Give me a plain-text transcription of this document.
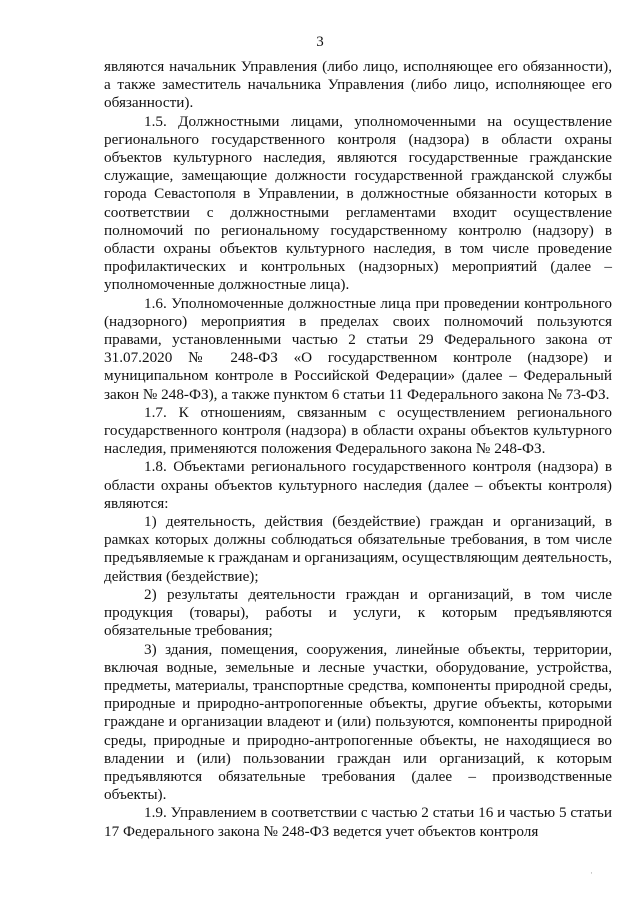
3

являются начальник Управления (либо лицо, исполняющее его обязанности), а также заместитель начальника Управления (либо лицо, исполняющее его обязанности).

1.5. Должностными лицами, уполномоченными на осуществление регионального государственного контроля (надзора) в области охраны объектов культурного наследия, являются государственные гражданские служащие, замещающие должности государственной гражданской службы города Севастополя в Управлении, в должностные обязанности которых в соответствии с должностными регламентами входит осуществление полномочий по региональному государственному контролю (надзору) в области охраны объектов культурного наследия, в том числе проведение профилактических и контрольных (надзорных) мероприятий (далее – уполномоченные должностные лица).

1.6. Уполномоченные должностные лица при проведении контрольного (надзорного) мероприятия в пределах своих полномочий пользуются правами, установленными частью 2 статьи 29 Федерального закона от 31.07.2020 № 248-ФЗ «О государственном контроле (надзоре) и муниципальном контроле в Российской Федерации» (далее – Федеральный закон № 248-ФЗ), а также пунктом 6 статьи 11 Федерального закона № 73-ФЗ.

1.7. К отношениям, связанным с осуществлением регионального государственного контроля (надзора) в области охраны объектов культурного наследия, применяются положения Федерального закона № 248-ФЗ.

1.8. Объектами регионального государственного контроля (надзора) в области охраны объектов культурного наследия (далее – объекты контроля) являются:

1) деятельность, действия (бездействие) граждан и организаций, в рамках которых должны соблюдаться обязательные требования, в том числе предъявляемые к гражданам и организациям, осуществляющим деятельность, действия (бездействие);

2) результаты деятельности граждан и организаций, в том числе продукция (товары), работы и услуги, к которым предъявляются обязательные требования;

3) здания, помещения, сооружения, линейные объекты, территории, включая водные, земельные и лесные участки, оборудование, устройства, предметы, материалы, транспортные средства, компоненты природной среды, природные и природно-антропогенные объекты, другие объекты, которыми граждане и организации владеют и (или) пользуются, компоненты природной среды, природные и природно-антропогенные объекты, не находящиеся во владении и (или) пользовании граждан или организаций, к которым предъявляются обязательные требования (далее – производственные объекты).

1.9. Управлением в соответствии с частью 2 статьи 16 и частью 5 статьи 17 Федерального закона № 248-ФЗ ведется учет объектов контроля

·
